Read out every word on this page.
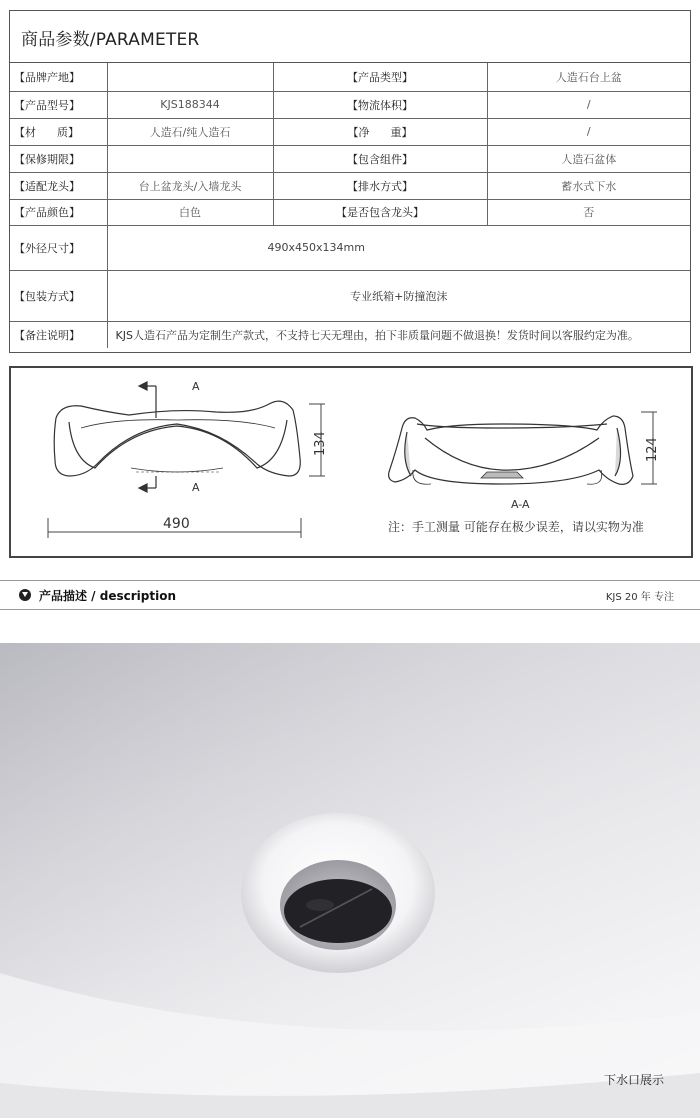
商品参数/PARAMETER
【品牌产地】		【产品类型】	人造石台上盆
【产品型号】	KJS188344	【物流体积】	/
【材      质】	人造石/纯人造石	【净      重】	/
【保修期限】		【包含组件】	人造石盆体
【适配龙头】	台上盆龙头/入墙龙头	【排水方式】	蓄水式下水
【产品颜色】	白色	【是否包含龙头】	否
【外径尺寸】	490x450x134mm		
【包装方式】	专业纸箱+防撞泡沫		
【备注说明】	KJS人造石产品为定制生产款式，不支持七天无理由，拍下非质量问题不做退换！发货时间以客服约定为准。		
A
A
134
490
124
A-A
注：手工测量 可能存在极少误差，请以实物为准
产品描述 / description	KJS 20 年 专注
下水口展示
